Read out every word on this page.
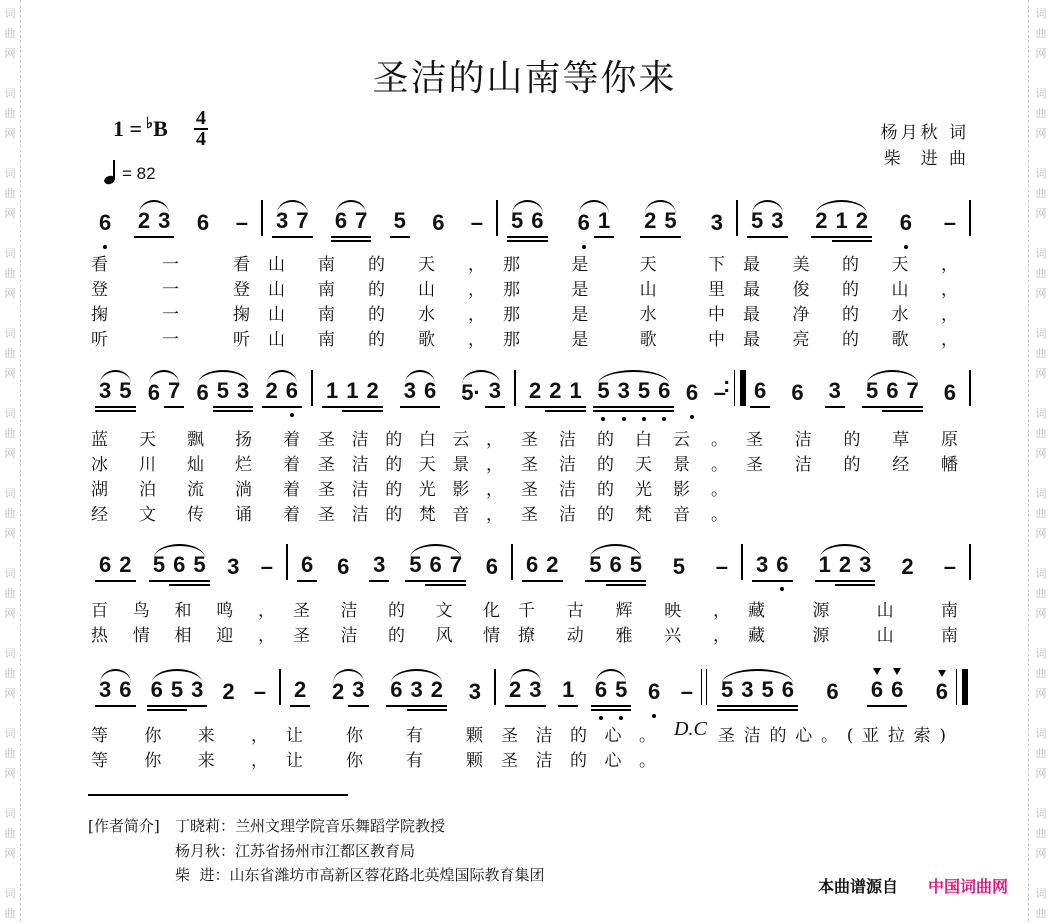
词
曲
网
词
曲
网
词
曲
网
词
曲
网
词
曲
网
词
曲
网
词
曲
网
词
曲
网
词
曲
网
词
曲
网
词
曲
网
词
曲
词
曲
网
词
曲
网
词
曲
网
词
曲
网
词
曲
网
词
曲
网
词
曲
网
词
曲
网
词
曲
网
词
曲
网
词
曲
网
词
曲
圣洁的山南等你来
1 = ♭B 4
4
=
82
杨月秋 词
柴  进 曲
6 2 3 6 – 3 7 6 7 5 6 – 5 6 6 1 2 5 3 5 3 2 1 2 6 –
3 5 6 7 6 5 3 2 6 1 1 2 3 6 5· 3 2 2 1 5 3 5 6 6 – : 6 6 3 5 6 7 6
6 2 5 6 5 3 – 6 6 3 5 6 7 6 6 2 5 6 5 5 – 3 6 1 2 3 2 –
3 6 6 5 3 2 – 2 2 3 6 3 2 3 2 3 1 6 5 6 – 5 3 5 6 6 6 6 6
[作者简介] 丁晓莉：兰州文理学院音乐舞蹈学院教授
杨月秋：江苏省扬州市江都区教育局
柴  进：山东省潍坊市高新区蓉花路北英煌国际教育集团
本曲谱源自 中国词曲网
看一看	山南的天，	那是天下	最美的天，
登一登	山南的山，	那是山里	最俊的山，
掬一掬	山南的水，	那是水中	最净的水，
听一听	山南的歌，	那是歌中	最亮的歌，
蓝天飘扬着	圣洁的白云，	圣洁的白云。	圣洁的草原
冰川灿烂着	圣洁的天景，	圣洁的天景。	圣洁的经幡
湖泊流淌着	圣洁的光影，	圣洁的光影。
经文传诵着	圣洁的梵音，	圣洁的梵音。
百鸟和鸣，	圣洁的文化	千古辉映，	藏源山南
热情相迎，	圣洁的风情	撩动雅兴，	藏源山南
等你来，	让你有颗	圣洁的心。	圣洁的心。(亚拉索)
等你来，	让你有颗	圣洁的心。
D.C
